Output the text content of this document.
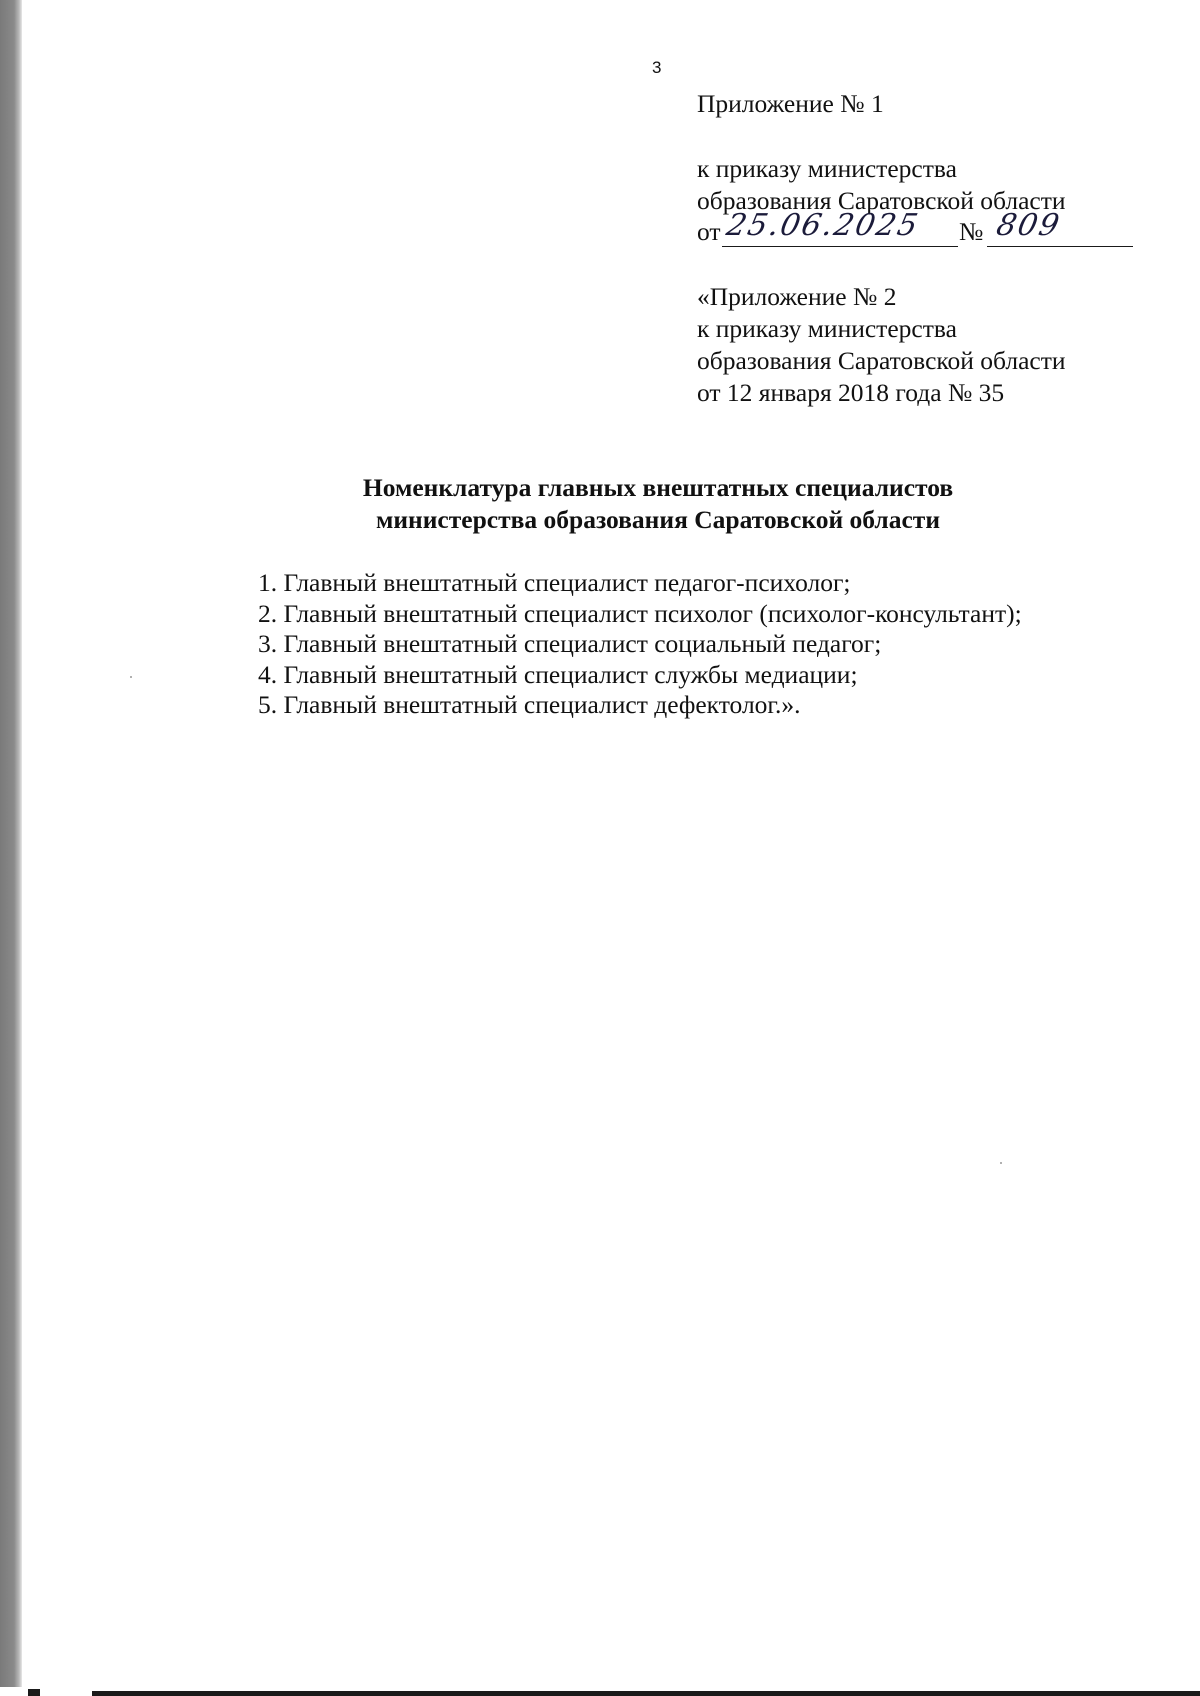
3
Приложение № 1
к приказу министерства
образования Саратовской области
от 25.06.2025 № 809
«Приложение № 2
к приказу министерства
образования Саратовской области
от 12 января 2018 года № 35
Номенклатура главных внештатных специалистов
министерства образования Саратовской области
1. Главный внештатный специалист педагог-психолог;
2. Главный внештатный специалист психолог (психолог-консультант);
3. Главный внештатный специалист социальный педагог;
4. Главный внештатный специалист службы медиации;
5. Главный внештатный специалист дефектолог.».
